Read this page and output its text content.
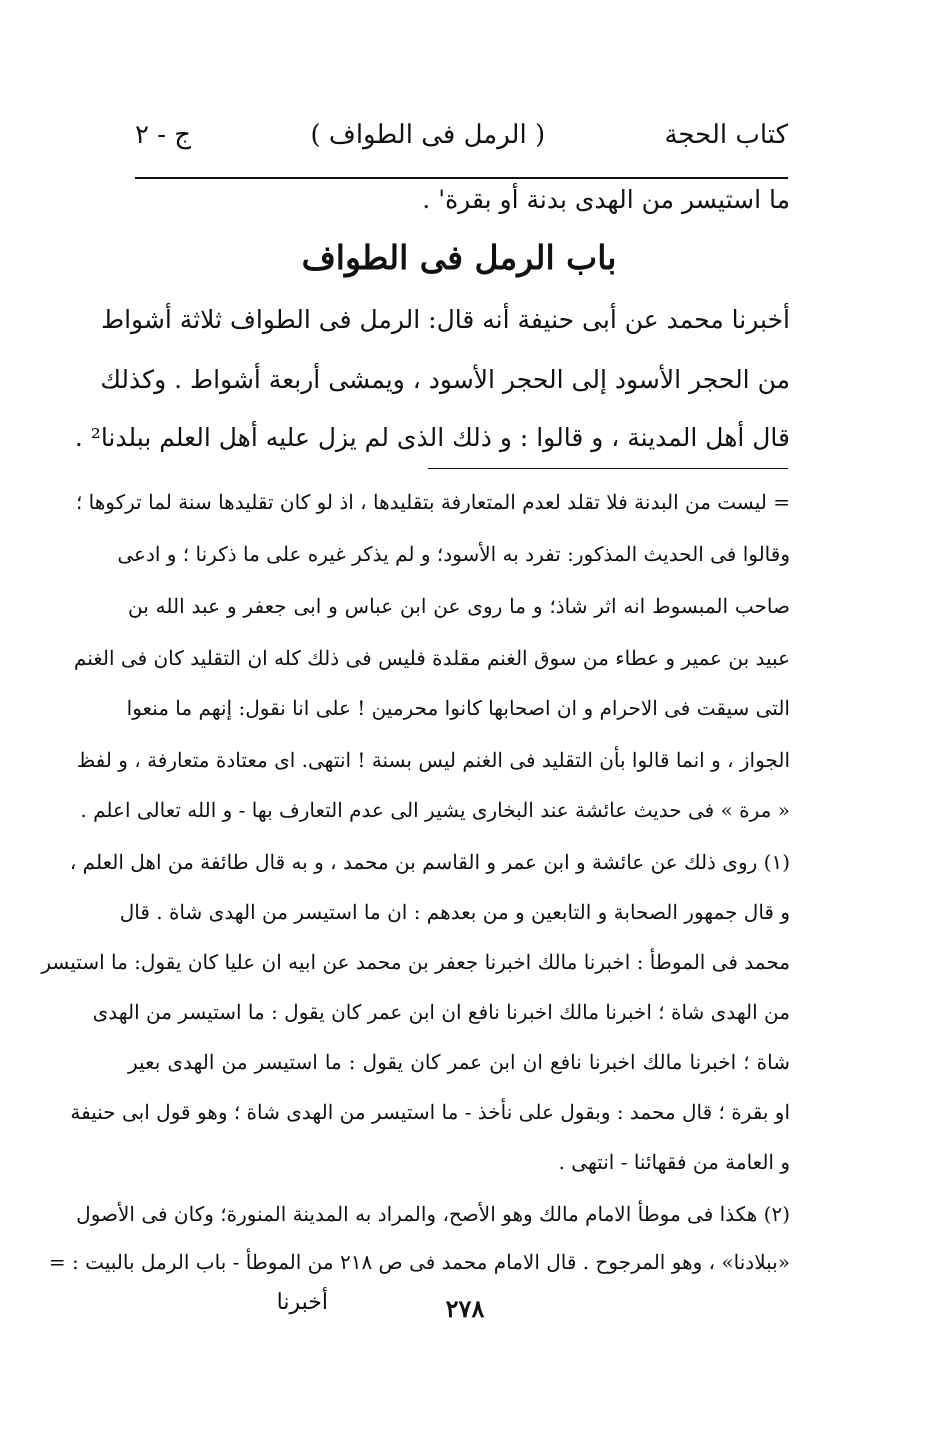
كتاب الحجة
( الرمل فى الطواف )
ج - ٢
ما استيسر من الهدى بدنة أو بقرة' .
باب الرمل فى الطواف
أخبرنا محمد عن أبى حنيفة أنه قال: الرمل فى الطواف ثلاثة أشواط
من الحجر الأسود إلى الحجر الأسود ، ويمشى أربعة أشواط . وكذلك
قال أهل المدينة ، و قالوا : و ذلك الذى لم يزل عليه أهل العلم ببلدنا² .
= ليست من البدنة فلا تقلد لعدم المتعارفة بتقليدها ، اذ لو كان تقليدها سنة لما تركوها ؛
وقالوا فى الحديث المذكور: تفرد به الأسود؛ و لم يذكر غيره على ما ذكرنا ؛ و ادعى
صاحب المبسوط انه اثر شاذ؛ و ما روى عن ابن عباس و ابى جعفر و عبد الله بن
عبيد بن عمير و عطاء من سوق الغنم مقلدة فليس فى ذلك كله ان التقليد كان فى الغنم
التى سيقت فى الاحرام و ان اصحابها كانوا محرمين ! على انا نقول: إنهم ما منعوا
الجواز ، و انما قالوا بأن التقليد فى الغنم ليس بسنة ! انتهى. اى معتادة متعارفة ، و لفظ
« مرة » فى حديث عائشة عند البخارى يشير الى عدم التعارف بها - و الله تعالى اعلم .
(١) روى ذلك عن عائشة و ابن عمر و القاسم بن محمد ، و به قال طائفة من اهل العلم ،
و قال جمهور الصحابة و التابعين و من بعدهم : ان ما استيسر من الهدى شاة . قال
محمد فى الموطأ : اخبرنا مالك اخبرنا جعفر بن محمد عن ابيه ان عليا كان يقول: ما استيسر
من الهدى شاة ؛ اخبرنا مالك اخبرنا نافع ان ابن عمر كان يقول : ما استيسر من الهدى
شاة ؛ اخبرنا مالك اخبرنا نافع ان ابن عمر كان يقول : ما استيسر من الهدى بعير
او بقرة ؛ قال محمد : وبقول على نأخذ - ما استيسر من الهدى شاة ؛ وهو قول ابى حنيفة
و العامة من فقهائنا - انتهى .
(٢) هكذا فى موطأ الامام مالك وهو الأصح، والمراد به المدينة المنورة؛ وكان فى الأصول
«ببلادنا» ، وهو المرجوح . قال الامام محمد فى ص ٢١٨ من الموطأ - باب الرمل بالبيت : =
أخبرنا	٢٧٨
